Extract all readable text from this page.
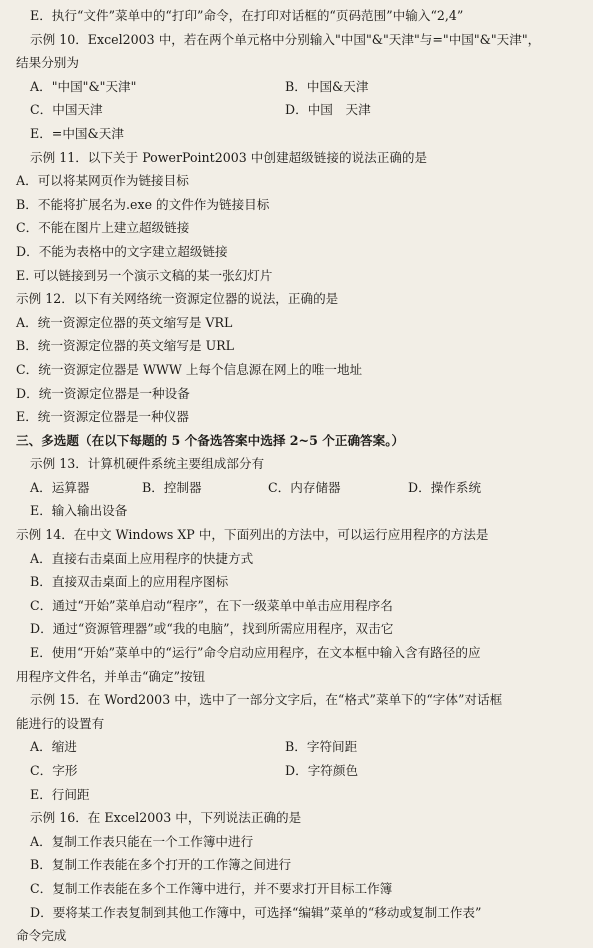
E．执行“文件”菜单中的“打印”命令，在打印对话框的“页码范围”中输入“2,4”
示例 10．Excel2003 中，若在两个单元格中分别输入"中国"&"天津"与="中国"&"天津"，
结果分别为
A．"中国"&"天津"	B．中国&天津
C．中国天津	D．中国　天津
E．=中国&天津
示例 11．以下关于 PowerPoint2003 中创建超级链接的说法正确的是
A．可以将某网页作为链接目标
B．不能将扩展名为.exe 的文件作为链接目标
C．不能在图片上建立超级链接
D．不能为表格中的文字建立超级链接
E. 可以链接到另一个演示文稿的某一张幻灯片
示例 12．以下有关网络统一资源定位器的说法，正确的是
A．统一资源定位器的英文缩写是 VRL
B．统一资源定位器的英文缩写是 URL
C．统一资源定位器是 WWW 上每个信息源在网上的唯一地址
D．统一资源定位器是一种设备
E．统一资源定位器是一种仪器
三、多选题（在以下每题的 5 个备选答案中选择 2~5 个正确答案。）
示例 13．计算机硬件系统主要组成部分有
A．运算器	B．控制器	C．内存储器	D．操作系统
E．输入输出设备
示例 14．在中文 Windows XP 中，下面列出的方法中，可以运行应用程序的方法是
A．直接右击桌面上应用程序的快捷方式
B．直接双击桌面上的应用程序图标
C．通过“开始”菜单启动“程序”，在下一级菜单中单击应用程序名
D．通过“资源管理器”或“我的电脑”，找到所需应用程序，双击它
E．使用“开始”菜单中的“运行”命令启动应用程序，在文本框中输入含有路径的应
用程序文件名，并单击“确定”按钮
示例 15．在 Word2003 中，选中了一部分文字后，在“格式”菜单下的“字体”对话框
能进行的设置有
A．缩进	B．字符间距
C．字形	D．字符颜色
E．行间距
示例 16．在 Excel2003 中，下列说法正确的是
A．复制工作表只能在一个工作簿中进行
B．复制工作表能在多个打开的工作簿之间进行
C．复制工作表能在多个工作簿中进行，并不要求打开目标工作簿
D．要将某工作表复制到其他工作簿中，可选择“编辑”菜单的“移动或复制工作表”
命令完成
